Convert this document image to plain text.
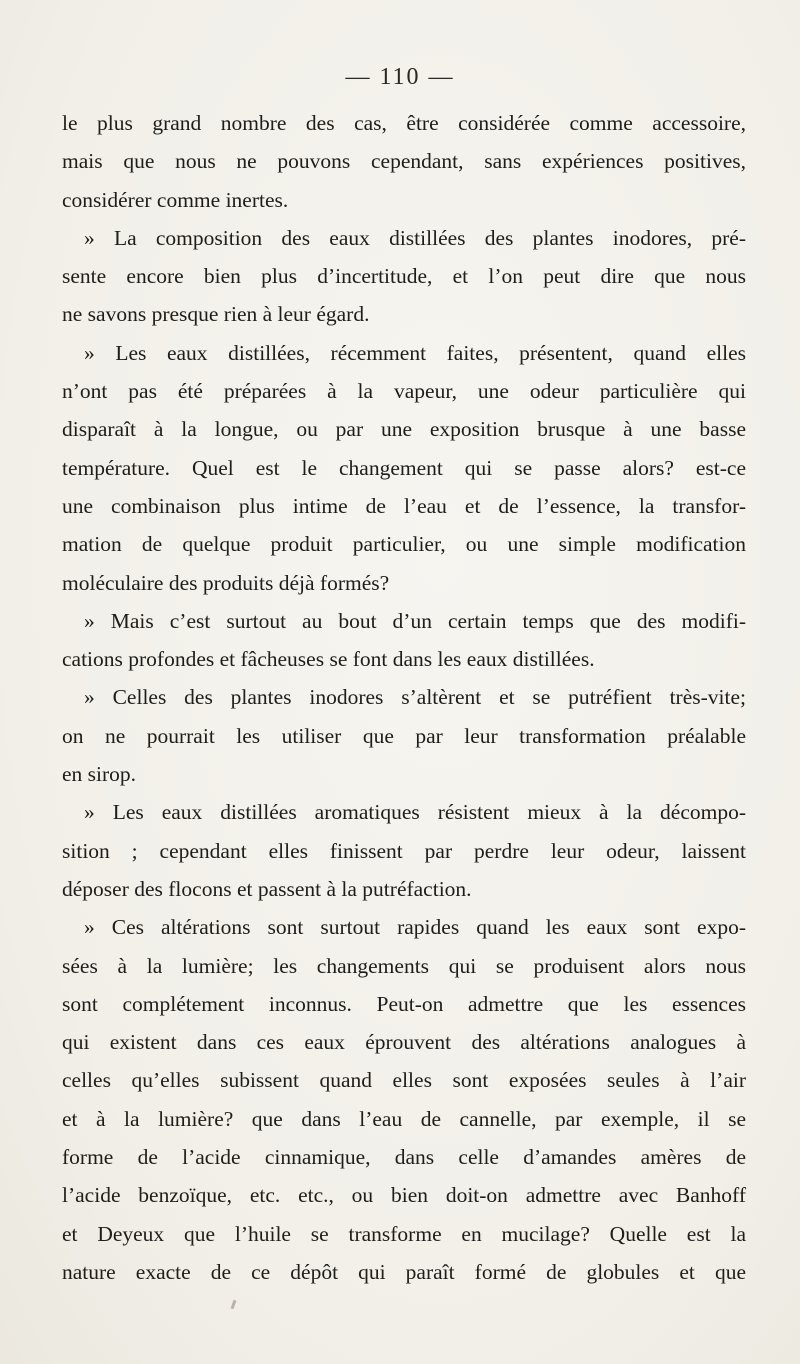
— 110 —
le plus grand nombre des cas, être considérée comme accessoire,
mais que nous ne pouvons cependant, sans expériences positives,
considérer comme inertes.
» La composition des eaux distillées des plantes inodores, pré-
sente encore bien plus d’incertitude, et l’on peut dire que nous
ne savons presque rien à leur égard.
» Les eaux distillées, récemment faites, présentent, quand elles
n’ont pas été préparées à la vapeur, une odeur particulière qui
disparaît à la longue, ou par une exposition brusque à une basse
température. Quel est le changement qui se passe alors? est-ce
une combinaison plus intime de l’eau et de l’essence, la transfor-
mation de quelque produit particulier, ou une simple modification
moléculaire des produits déjà formés?
» Mais c’est surtout au bout d’un certain temps que des modifi-
cations profondes et fâcheuses se font dans les eaux distillées.
» Celles des plantes inodores s’altèrent et se putréfient très-vite;
on ne pourrait les utiliser que par leur transformation préalable
en sirop.
» Les eaux distillées aromatiques résistent mieux à la décompo-
sition ; cependant elles finissent par perdre leur odeur, laissent
déposer des flocons et passent à la putréfaction.
» Ces altérations sont surtout rapides quand les eaux sont expo-
sées à la lumière; les changements qui se produisent alors nous
sont complétement inconnus. Peut-on admettre que les essences
qui existent dans ces eaux éprouvent des altérations analogues à
celles qu’elles subissent quand elles sont exposées seules à l’air
et à la lumière? que dans l’eau de cannelle, par exemple, il se
forme de l’acide cinnamique, dans celle d’amandes amères de
l’acide benzoïque, etc. etc., ou bien doit-on admettre avec Banhoff
et Deyeux que l’huile se transforme en mucilage? Quelle est la
nature exacte de ce dépôt qui paraît formé de globules et que
